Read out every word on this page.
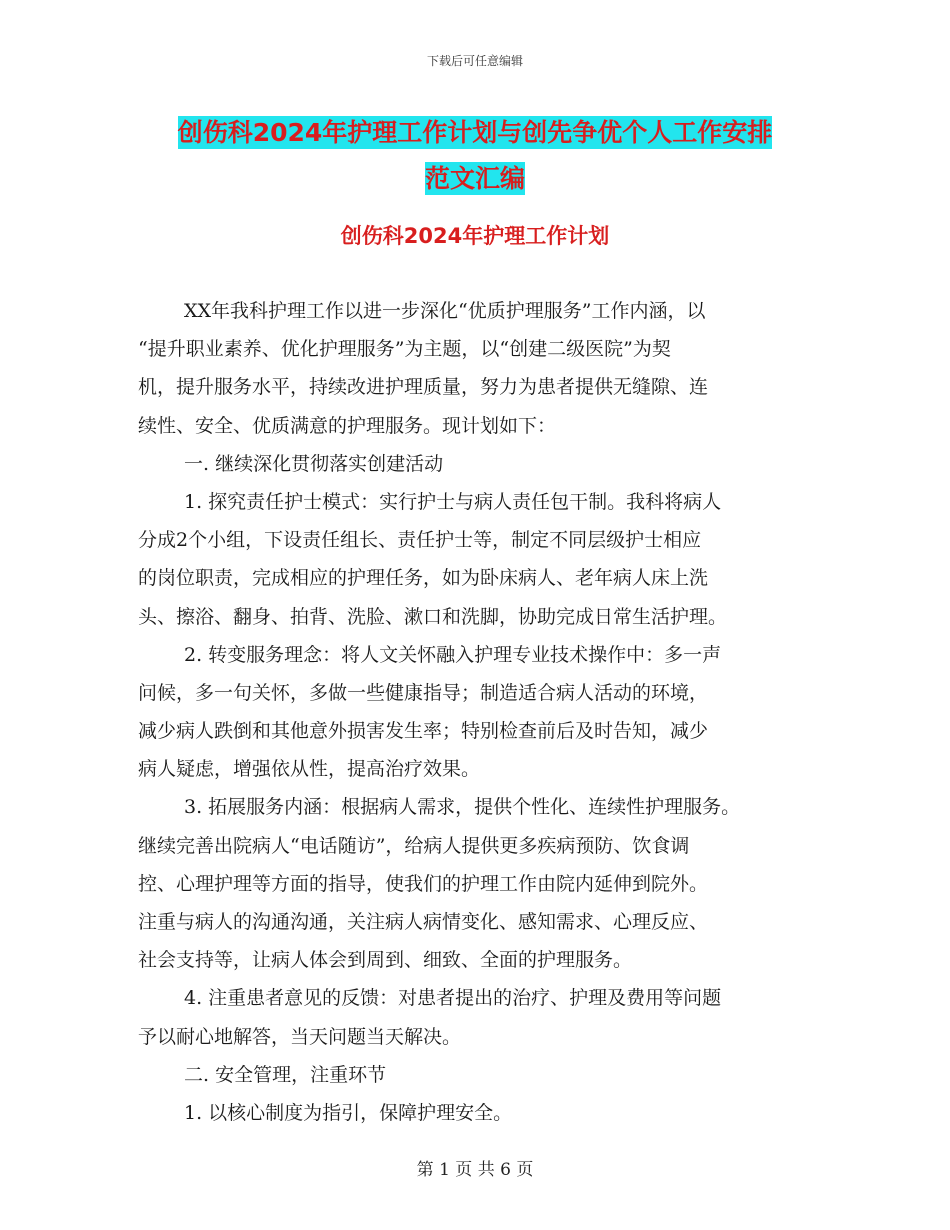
下载后可任意编辑
创伤科2024年护理工作计划与创先争优个人工作安排
范文汇编
创伤科2024年护理工作计划
XX年我科护理工作以进一步深化“优质护理服务”工作内涵，以
“提升职业素养、优化护理服务”为主题，以“创建二级医院”为契
机，提升服务水平，持续改进护理质量，努力为患者提供无缝隙、连
续性、安全、优质满意的护理服务。现计划如下：
一. 继续深化贯彻落实创建活动
1. 探究责任护士模式：实行护士与病人责任包干制。我科将病人
分成2个小组，下设责任组长、责任护士等，制定不同层级护士相应
的岗位职责，完成相应的护理任务，如为卧床病人、老年病人床上洗
头、擦浴、翻身、拍背、洗脸、漱口和洗脚，协助完成日常生活护理。
2. 转变服务理念：将人文关怀融入护理专业技术操作中：多一声
问候，多一句关怀，多做一些健康指导；制造适合病人活动的环境，
减少病人跌倒和其他意外损害发生率；特别检查前后及时告知，减少
病人疑虑，增强依从性，提高治疗效果。
3. 拓展服务内涵：根据病人需求，提供个性化、连续性护理服务。
继续完善出院病人“电话随访”，给病人提供更多疾病预防、饮食调
控、心理护理等方面的指导，使我们的护理工作由院内延伸到院外。
注重与病人的沟通沟通，关注病人病情变化、感知需求、心理反应、
社会支持等，让病人体会到周到、细致、全面的护理服务。
4. 注重患者意见的反馈：对患者提出的治疗、护理及费用等问题
予以耐心地解答，当天问题当天解决。
二. 安全管理，注重环节
1. 以核心制度为指引，保障护理安全。
第 1 页 共 6 页
